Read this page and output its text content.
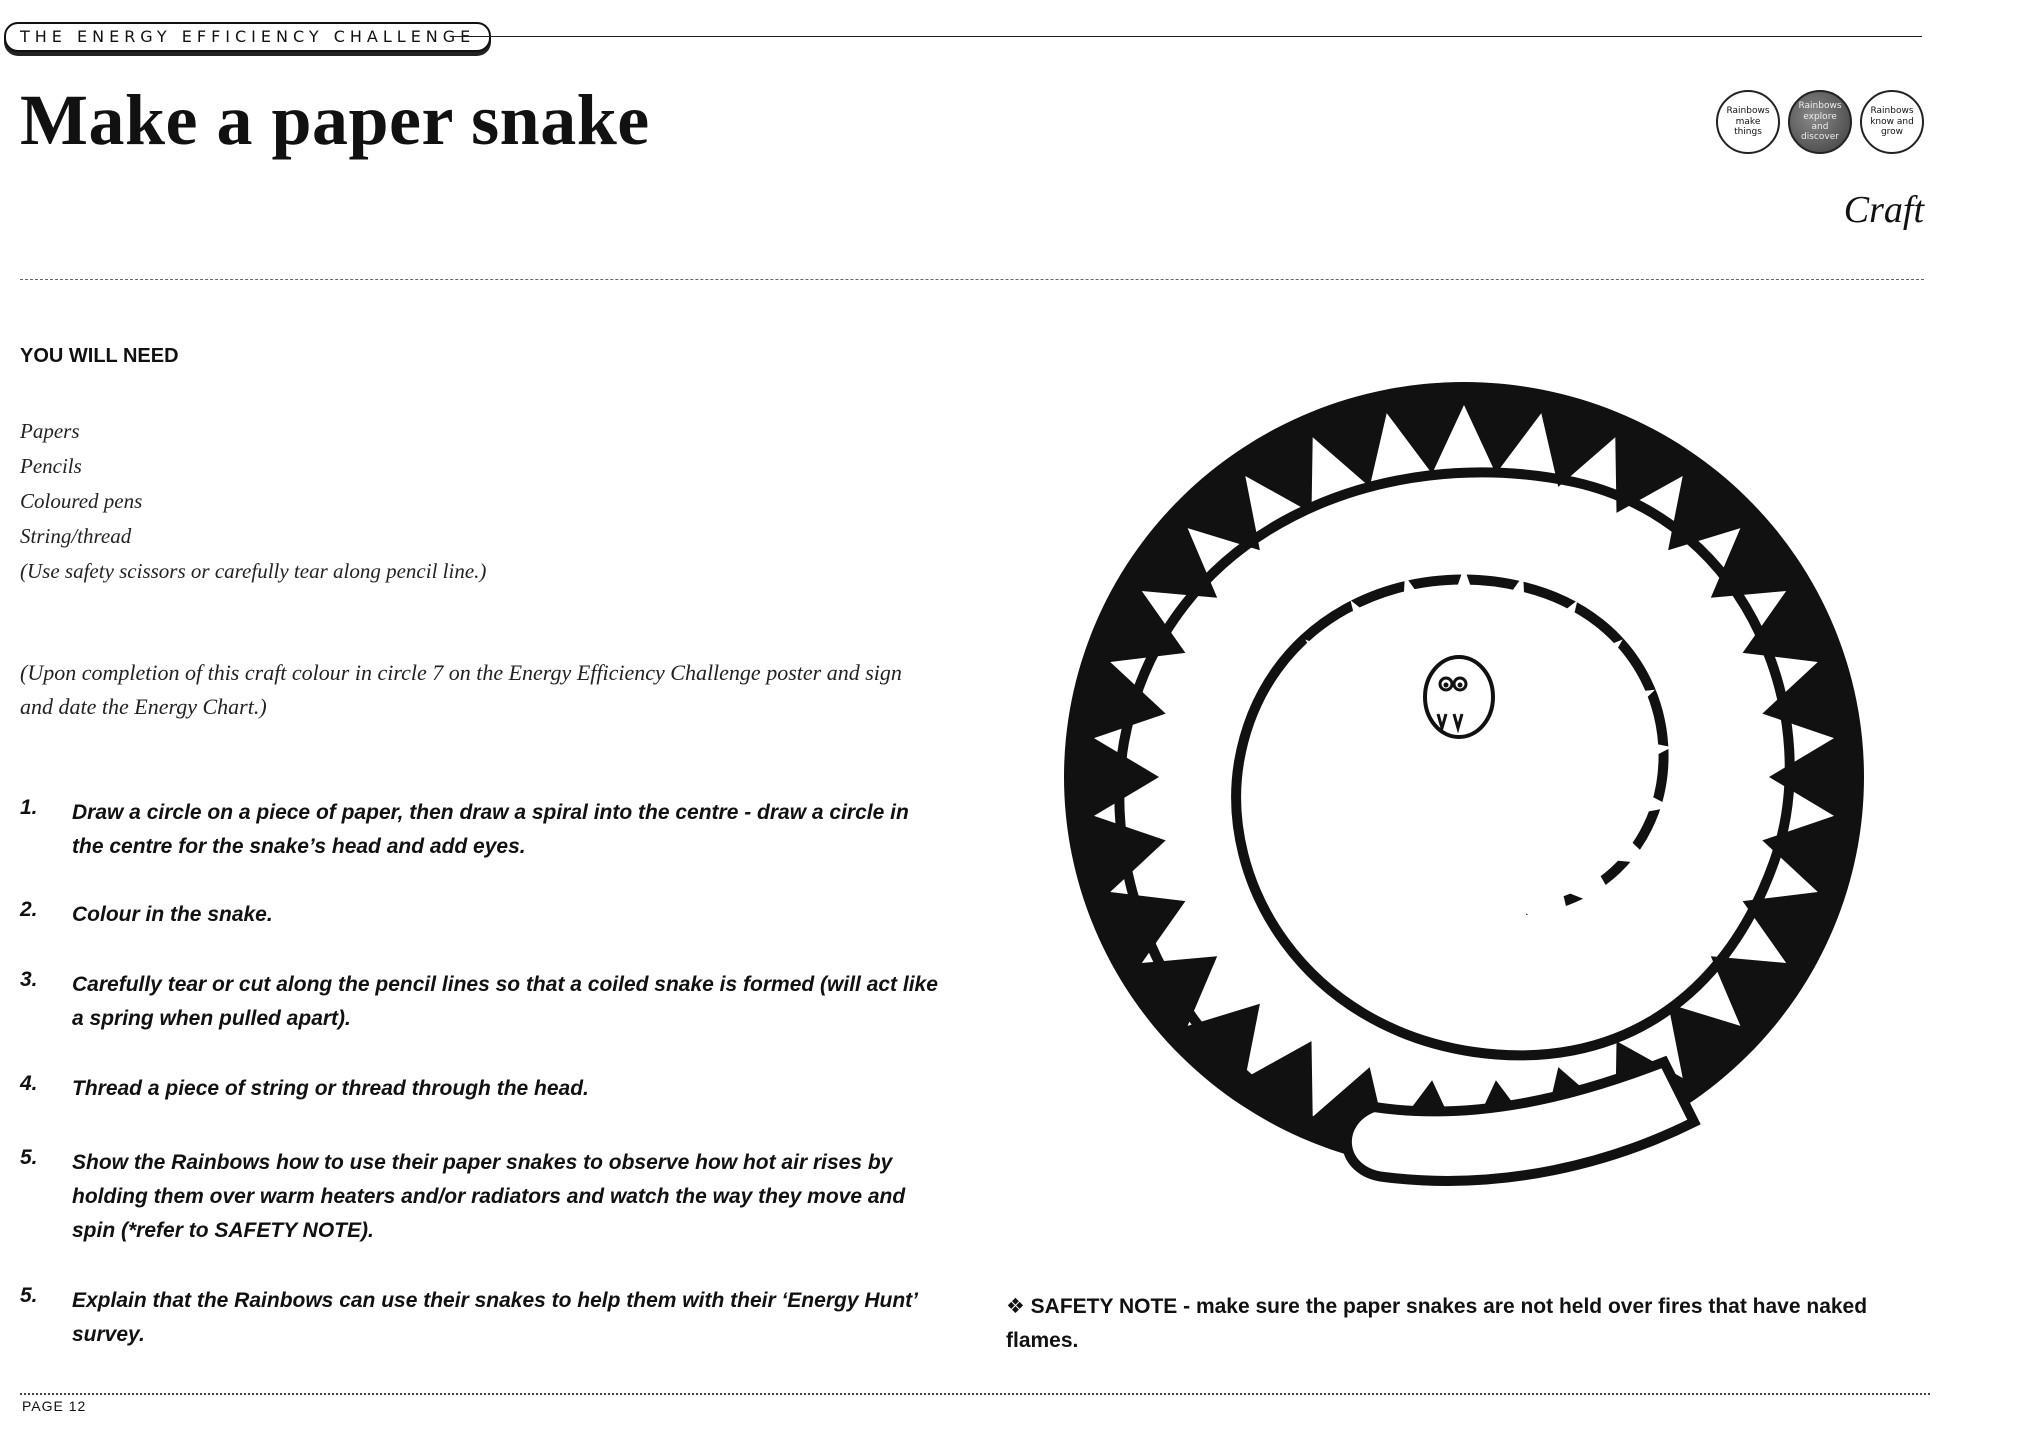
THE ENERGY EFFICIENCY CHALLENGE
Make a paper snake	Rainbows make things
Rainbows explore and discover
Rainbows know and grow
Craft
YOU WILL NEED
Papers
Pencils
Coloured pens
String/thread
(Use safety scissors or carefully tear along pencil line.)
(Upon completion of this craft colour in circle 7 on the Energy Efficiency Challenge poster and sign and date the Energy Chart.)
1. Draw a circle on a piece of paper, then draw a spiral into the centre - draw a circle in the centre for the snake’s head and add eyes.
2. Colour in the snake.
3. Carefully tear or cut along the pencil lines so that a coiled snake is formed (will act like a spring when pulled apart).
4. Thread a piece of string or thread through the head.
5. Show the Rainbows how to use their paper snakes to observe how hot air rises by holding them over warm heaters and/or radiators and watch the way they move and spin (*refer to SAFETY NOTE).
5. Explain that the Rainbows can use their snakes to help them with their ‘Energy Hunt’ survey.
❖ SAFETY NOTE - make sure the paper snakes are not held over fires that have naked flames.
PAGE 12
